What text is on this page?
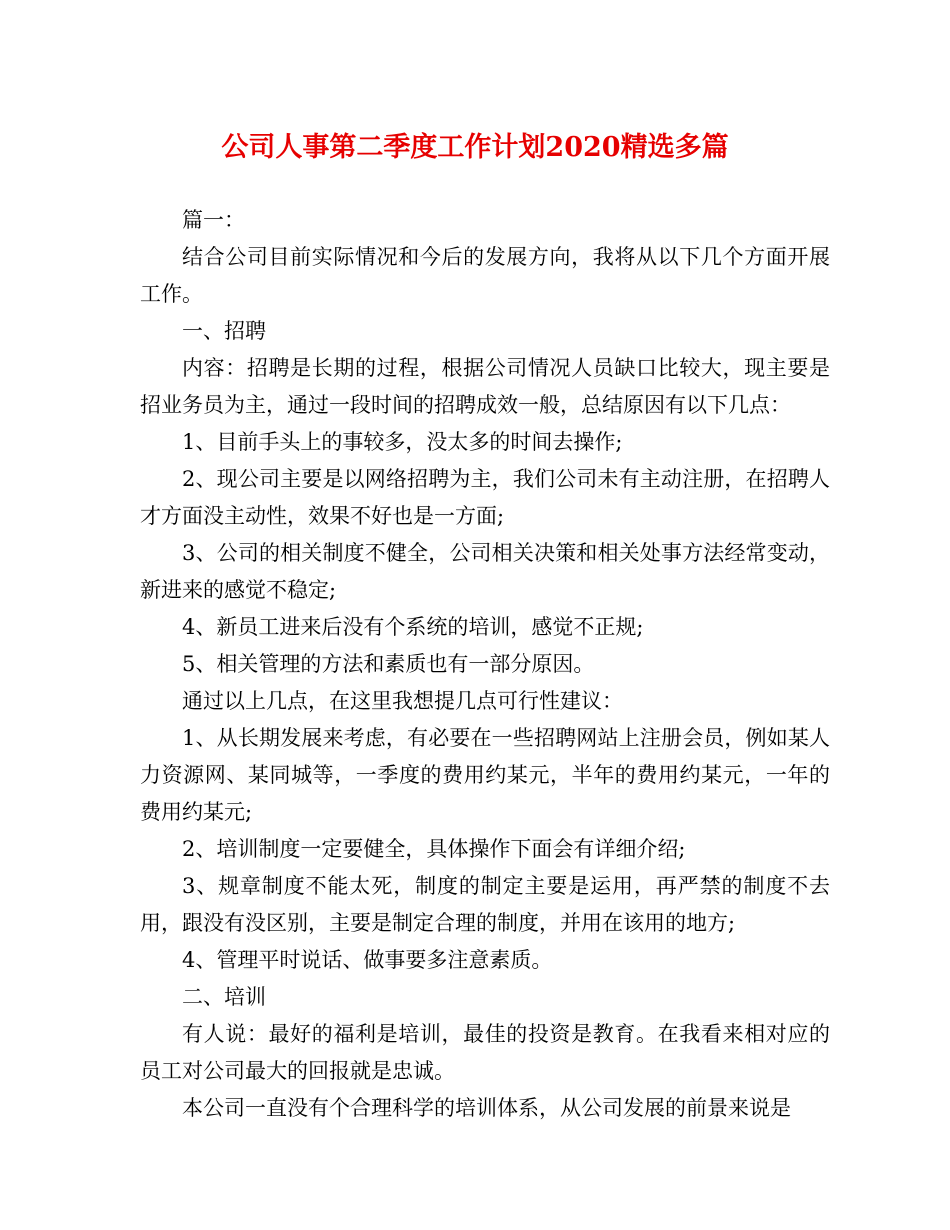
公司人事第二季度工作计划2020精选多篇

篇一：

结合公司目前实际情况和今后的发展方向，我将从以下几个方面开展工作。

一、招聘

内容：招聘是长期的过程，根据公司情况人员缺口比较大，现主要是招业务员为主，通过一段时间的招聘成效一般，总结原因有以下几点：

1、目前手头上的事较多，没太多的时间去操作;

2、现公司主要是以网络招聘为主，我们公司未有主动注册，在招聘人才方面没主动性，效果不好也是一方面;

3、公司的相关制度不健全，公司相关决策和相关处事方法经常变动，新进来的感觉不稳定;

4、新员工进来后没有个系统的培训，感觉不正规;

5、相关管理的方法和素质也有一部分原因。

通过以上几点，在这里我想提几点可行性建议：

1、从长期发展来考虑，有必要在一些招聘网站上注册会员，例如某人力资源网、某同城等，一季度的费用约某元，半年的费用约某元，一年的费用约某元;

2、培训制度一定要健全，具体操作下面会有详细介绍;

3、规章制度不能太死，制度的制定主要是运用，再严禁的制度不去用，跟没有没区别，主要是制定合理的制度，并用在该用的地方;

4、管理平时说话、做事要多注意素质。

二、培训

有人说：最好的福利是培训，最佳的投资是教育。在我看来相对应的员工对公司最大的回报就是忠诚。

本公司一直没有个合理科学的培训体系，从公司发展的前景来说是
